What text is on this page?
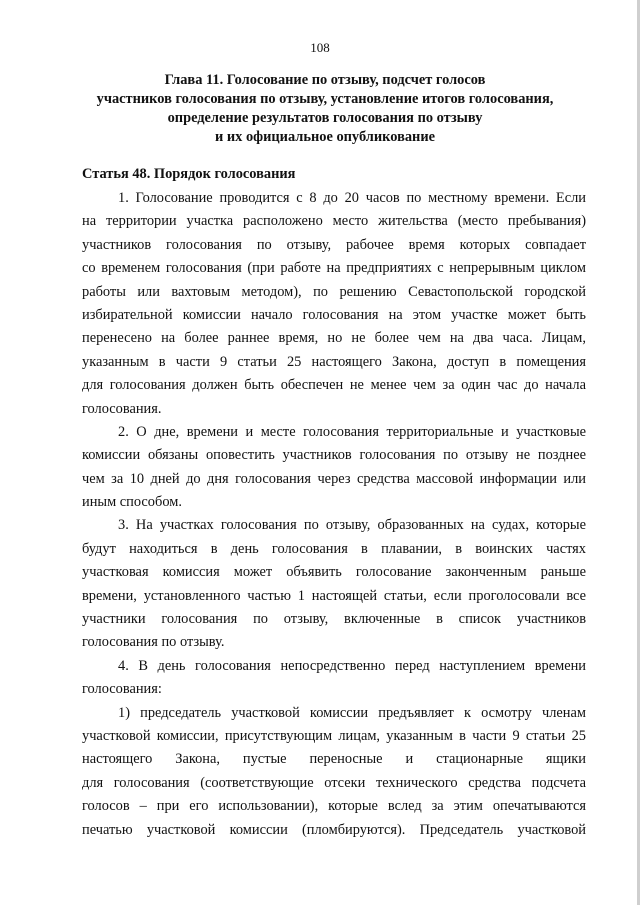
108
Глава 11. Голосование по отзыву, подсчет голосов
участников голосования по отзыву, установление итогов голосования,
определение результатов голосования по отзыву
и их официальное опубликование
Статья 48. Порядок голосования
1. Голосование проводится с 8 до 20 часов по местному времени. Если
на территории участка расположено место жительства (место пребывания)
участников голосования по отзыву, рабочее время которых совпадает
со временем голосования (при работе на предприятиях с непрерывным циклом
работы или вахтовым методом), по решению Севастопольской городской
избирательной комиссии начало голосования на этом участке может быть
перенесено на более раннее время, но не более чем на два часа. Лицам,
указанным в части 9 статьи 25 настоящего Закона, доступ в помещения
для голосования должен быть обеспечен не менее чем за один час до начала
голосования.
2. О дне, времени и месте голосования территориальные и участковые
комиссии обязаны оповестить участников голосования по отзыву не позднее
чем за 10 дней до дня голосования через средства массовой информации или
иным способом.
3. На участках голосования по отзыву, образованных на судах, которые
будут находиться в день голосования в плавании, в воинских частях
участковая комиссия может объявить голосование законченным раньше
времени, установленного частью 1 настоящей статьи, если проголосовали все
участники голосования по отзыву, включенные в список участников
голосования по отзыву.
4. В день голосования непосредственно перед наступлением времени
голосования:
1) председатель участковой комиссии предъявляет к осмотру членам
участковой комиссии, присутствующим лицам, указанным в части 9 статьи 25
настоящего Закона, пустые переносные и стационарные ящики
для голосования (соответствующие отсеки технического средства подсчета
голосов – при его использовании), которые вслед за этим опечатываются
печатью участковой комиссии (пломбируются). Председатель участковой
